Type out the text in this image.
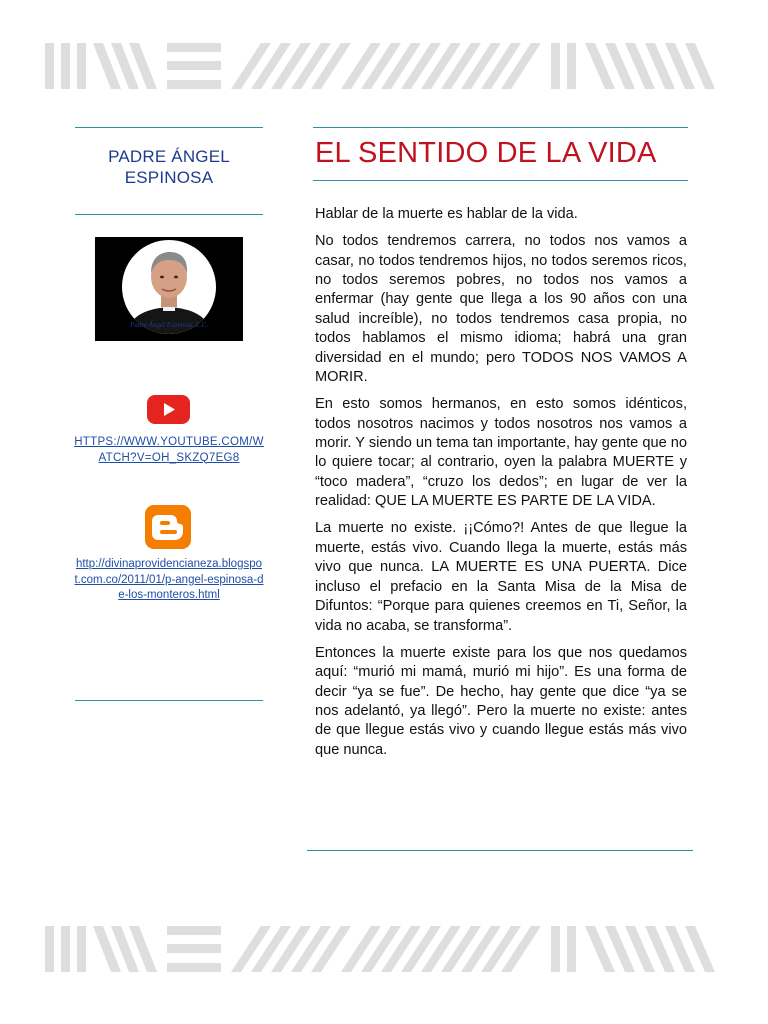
PADRE ÁNGEL
ESPINOSA
Padre Ángel Espinosa, L.C.
HTTPS://WWW.YOUTUBE.COM/WATCH?V=OH_SKZQ7EG8
http://divinaprovidencianeza.blogspot.com.co/2011/01/p-angel-espinosa-de-los-monteros.html
EL SENTIDO DE LA VIDA

Hablar de la muerte es hablar de la vida.

No todos tendremos carrera, no todos nos vamos a casar, no todos tendremos hijos, no todos seremos ricos, no todos seremos pobres, no todos nos vamos a enfermar (hay gente que llega a los 90 años con una salud increíble), no todos tendremos casa propia, no todos hablamos el mismo idioma; habrá una gran diversidad en el mundo; pero TODOS NOS VAMOS A MORIR.

En esto somos hermanos, en esto somos idénticos, todos nosotros nacimos y todos nosotros nos vamos a morir. Y siendo un tema tan importante, hay gente que no lo quiere tocar; al contrario, oyen la palabra MUERTE y “toco madera”, “cruzo los dedos”; en lugar de ver la realidad: QUE LA MUERTE ES PARTE DE LA VIDA.

La muerte no existe. ¡¡Cómo?! Antes de que llegue la muerte, estás vivo. Cuando llega la muerte, estás más vivo que nunca. LA MUERTE ES UNA PUERTA. Dice incluso el prefacio en la Santa Misa de la Misa de Difuntos: “Porque para quienes creemos en Ti, Señor, la vida no acaba, se transforma”.

Entonces la muerte existe para los que nos quedamos aquí: “murió mi mamá, murió mi hijo”. Es una forma de decir “ya se fue”. De hecho, hay gente que dice “ya se nos adelantó, ya llegó”. Pero la muerte no existe: antes de que llegue estás vivo y cuando llegue estás más vivo que nunca.
